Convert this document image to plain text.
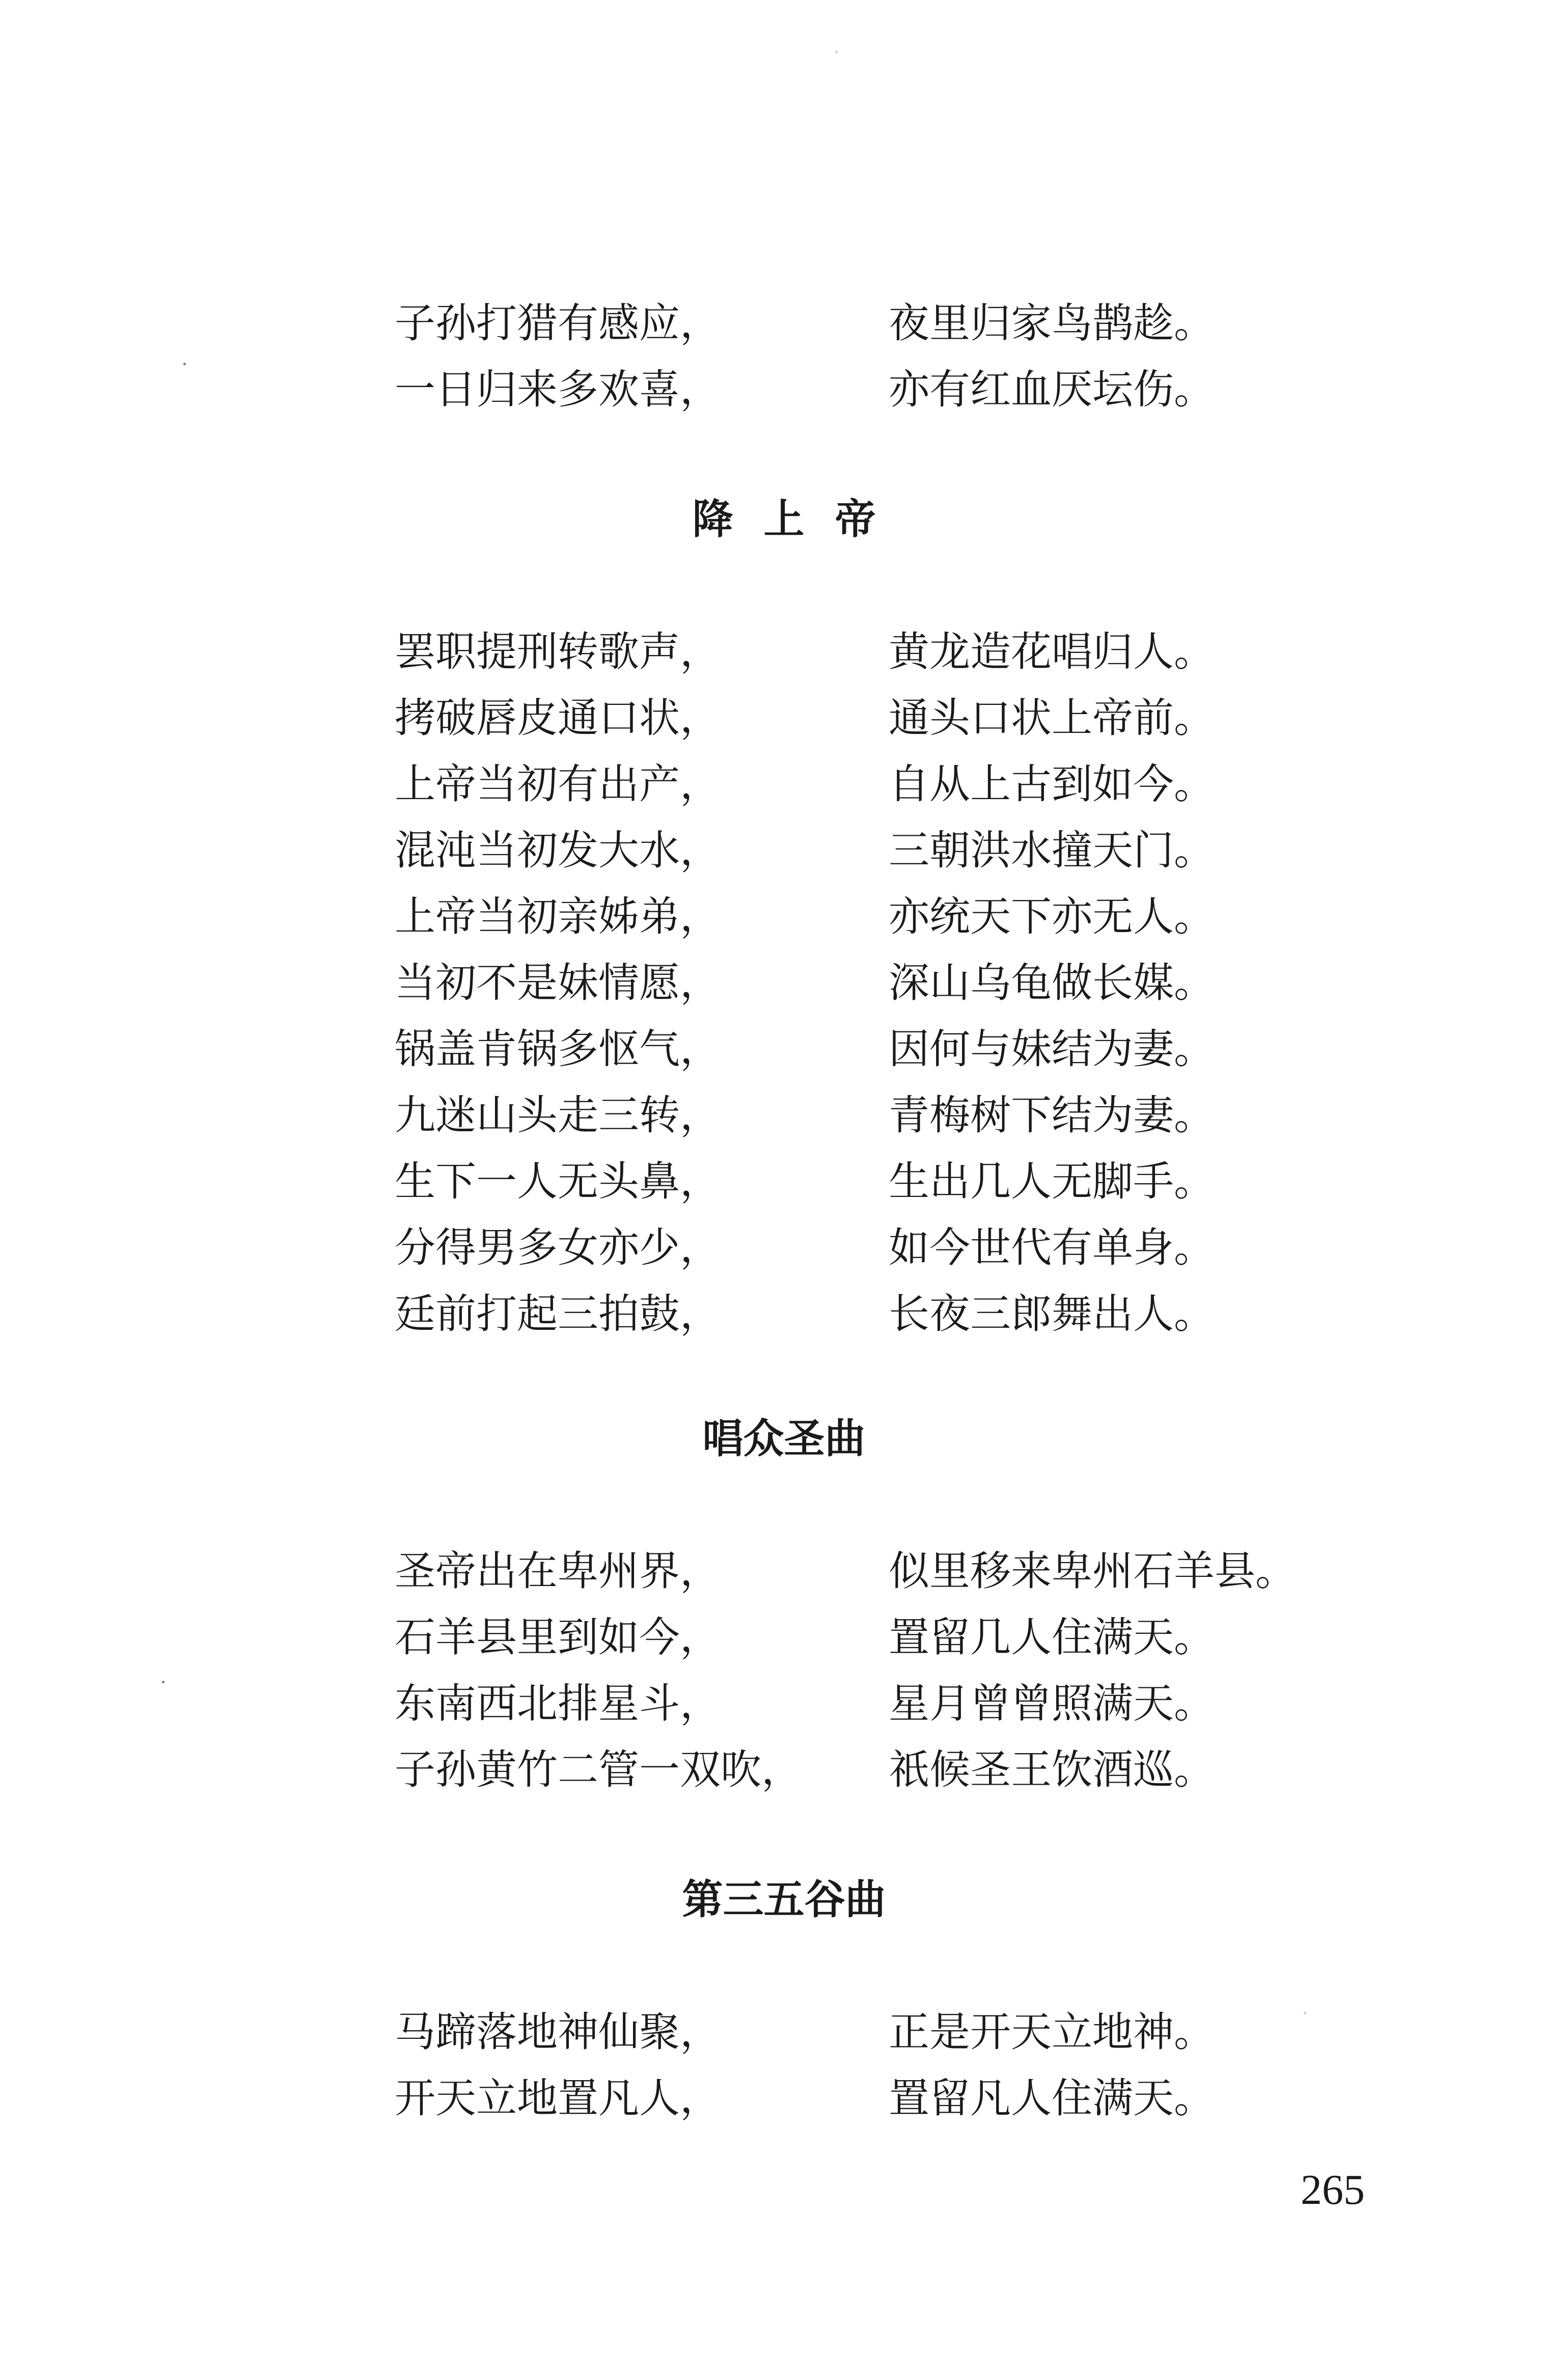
子孙打猎有感应，	夜里归家鸟鹊趁。
一日归来多欢喜，	亦有红血厌坛伤。
降上帝
罢职提刑转歌声，	黄龙造花唱归人。
拷破唇皮通口状，	通头口状上帝前。
上帝当初有出产，	自从上古到如今。
混沌当初发大水，	三朝洪水撞天门。
上帝当初亲姊弟，	亦统天下亦无人。
当初不是妹情愿，	深山乌龟做长媒。
锅盖肯锅多怄气，	因何与妹结为妻。
九迷山头走三转，	青梅树下结为妻。
生下一人无头鼻，	生出几人无脚手。
分得男多女亦少，	如今世代有单身。
廷前打起三拍鼓，	长夜三郎舞出人。
唱众圣曲
圣帝出在卑州界，	似里移来卑州石羊县。
石羊县里到如今，	置留几人住满天。
东南西北排星斗，	星月曾曾照满天。
子孙黄竹二管一双吹， 祇候圣王饮酒巡。
第三五谷曲
马蹄落地神仙聚，	正是开天立地神。
开天立地置凡人，	置留凡人住满天。
265
